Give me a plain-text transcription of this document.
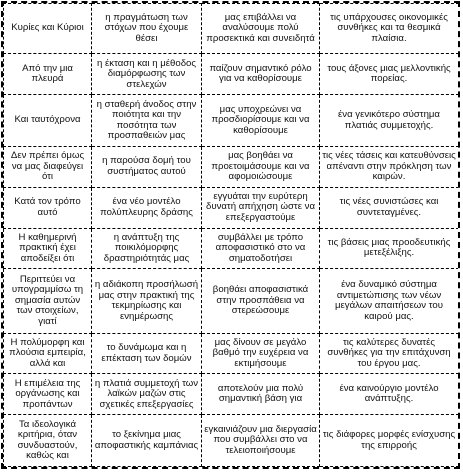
Κυρίες και Κύριοι	η πραγμάτωση των στόχων που έχουμε θέσει	μας επιβάλλει να αναλύσουμε πολύ προσεκτικά και συνειδητά	τις υπάρχουσες οικονομικές συνθήκες και τα θεσμικά πλαίσια.
Από την μια πλευρά	η έκταση και η μέθοδος διαμόρφωσης των στελεχών	παίζουν σημαντικό ρόλο για να καθορίσουμε	τους άξονες μιας μελλοντικής πορείας.
Και ταυτόχρονα	η σταθερή άνοδος στην ποιότητα και την ποσότητα των προσπαθειών μας	μας υποχρεώνει να προσδιορίσουμε και να καθορίσουμε	ένα γενικότερο σύστημα πλατιάς συμμετοχής.
Δεν πρέπει όμως να μας διαφεύγει ότι	η παρούσα δομή του συστήματος αυτού	μας βοηθάει να προετοιμάσουμε και να αφομοιώσουμε	τις νέες τάσεις και κατευθύνσεις απέναντι στην πρόκληση των καιρών.
Κατά τον τρόπο αυτό	ένα νέο μοντέλο πολύπλευρης δράσης	εγγυάται την ευρύτερη δυνατή απήχηση ώστε να επεξεργαστούμε	τις νέες συνιστώσες και συντεταγμένες.
Η καθημερινή πρακτική έχει αποδείξει ότι	η ανάπτυξη της ποικιλόμορφης δραστηριότητάς μας	συμβάλλει με τρόπο αποφασιστικό στο να σηματοδοτήσει	τις βάσεις μιας προοδευτικής μετεξέλιξης.
Περιττεύει να υπογραμμίσω τη σημασία αυτών των στοιχείων, γιατί	η αδιάκοπη προσήλωσή μας στην πρακτική της τεκμηρίωσης και ενημέρωσης	βοηθάει αποφασιστικά στην προσπάθεια να στερεώσουμε	ένα δυναμικό σύστημα αντιμετώπισης των νέων μεγάλων απαιτήσεων του καιρού μας.
Η πολύμορφη και πλούσια εμπειρία, αλλά και	το δυνάμωμα και η επέκταση των δομών	μας δίνουν σε μεγάλο βαθμό την ευχέρεια να εκτιμήσουμε	τις καλύτερες δυνατές συνθήκες για την επιτάχυνση του έργου μας.
Η επιμέλεια της οργάνωσης και προπάντων	η πλατιά συμμετοχή των λαϊκών μαζών στις σχετικές επεξεργασίες	αποτελούν μια πολύ σημαντική βάση για	ένα καινούργιο μοντέλο ανάπτυξης.
Τα ιδεολογικά κριτήρια, όταν συνδυαστούν, καθώς και	το ξεκίνημα μιας αποφαστικής καμπάνιας	εγκαινιάζουν μια διεργασία που συμβάλλει στο να τελειοποιήσουμε	τις διάφορες μορφές ενίσχυσης της επιρροής
